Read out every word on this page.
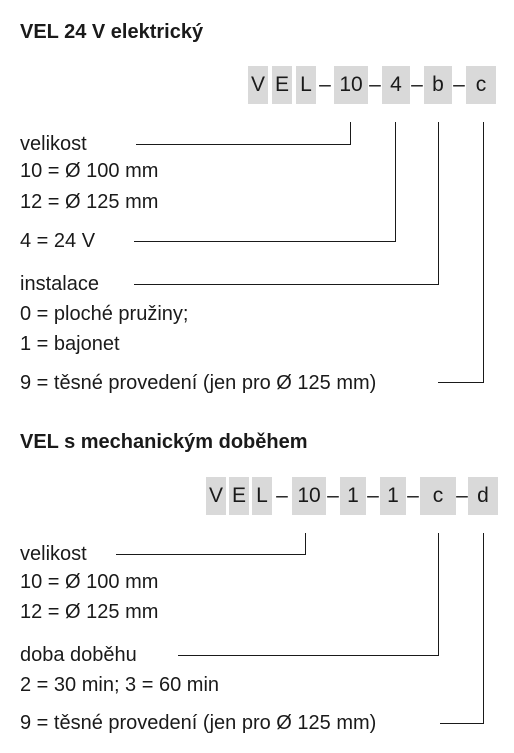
VEL 24 V elektrický
V E L – 10 – 4 – b – c
velikost
10 = Ø 100 mm
12 = Ø 125 mm
4 = 24 V
instalace
0 = ploché pružiny;
1 = bajonet
9 = těsné provedení (jen pro Ø 125 mm)
VEL s mechanickým doběhem
V E L – 10 – 1 – 1 – c – d
velikost
10 = Ø 100 mm
12 = Ø 125 mm
doba doběhu
2 = 30 min; 3 = 60 min
9 = těsné provedení (jen pro Ø 125 mm)
